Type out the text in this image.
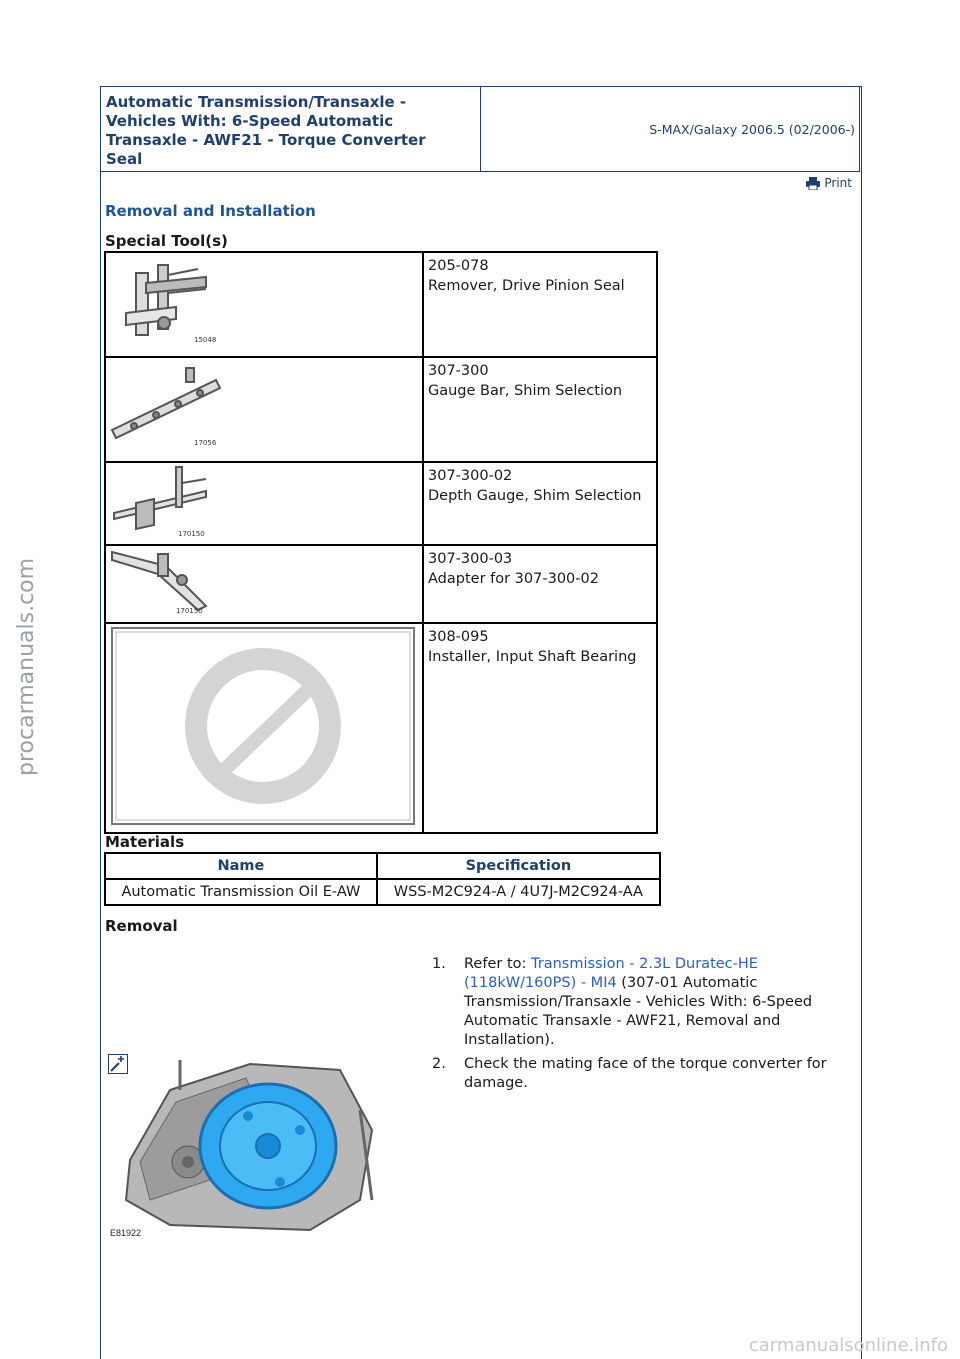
Automatic Transmission/Transaxle -
Vehicles With: 6-Speed Automatic
Transaxle - AWF21 - Torque Converter
Seal
S-MAX/Galaxy 2006.5 (02/2006-)
Print
Removal and Installation
Special Tool(s)
15048	205-078
Remover, Drive Pinion Seal

17056	307-300
Gauge Bar, Shim Selection

170150	307-300-02
Depth Gauge, Shim Selection

170150	307-300-03
Adapter for 307-300-02

308-095
Installer, Input Shaft Bearing
Materials
Name	Specification
Automatic Transmission Oil E-AW	WSS-M2C924-A / 4U7J-M2C924-AA
Removal
1. Refer to: Transmission - 2.3L Duratec-HE (118kW/160PS) - MI4 (307-01 Automatic Transmission/Transaxle - Vehicles With: 6-Speed Automatic Transaxle - AWF21, Removal and Installation).
2. Check the mating face of the torque converter for damage.
E81922
procarmanuals.com
carmanualsonline.info
